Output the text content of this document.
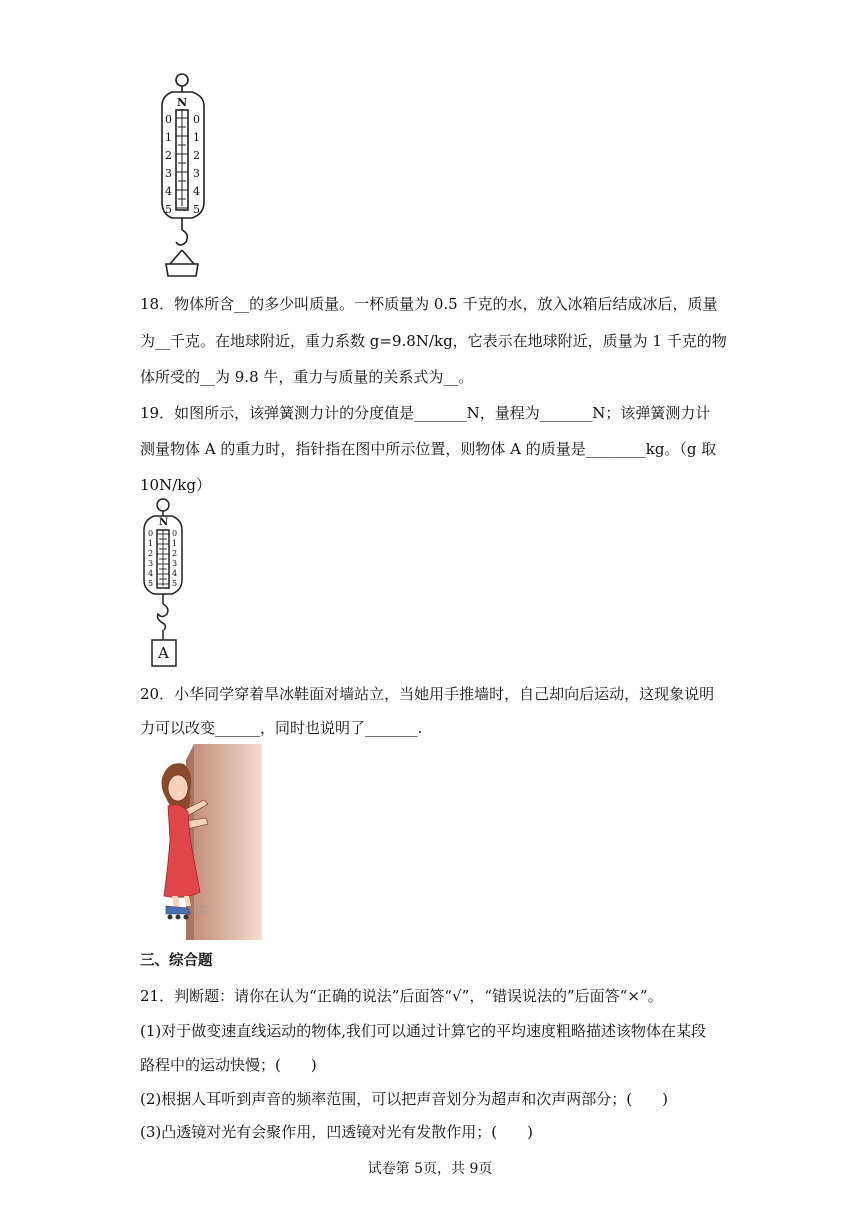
N
0
1
2
3
4
5
0
1
2
3
4
5
18．物体所含__的多少叫质量。一杯质量为 0.5 千克的水，放入冰箱后结成冰后，质量
为__千克。在地球附近，重力系数 g=9.8N/kg，它表示在地球附近，质量为 1 千克的物
体所受的__为 9.8 牛，重力与质量的关系式为__。
19．如图所示，该弹簧测力计的分度值是_______N，量程为_______N；该弹簧测力计
测量物体 A 的重力时，指针指在图中所示位置，则物体 A 的质量是________kg。（g 取
10N/kg）
N
0
1
2
3
4
5
0
1
2
3
4
5
A
20．小华同学穿着旱冰鞋面对墙站立，当她用手推墙时，自己却向后运动，这现象说明
力可以改变______，同时也说明了_______.
三、综合题
21．判断题：请你在认为“正确的说法”后面答“√”，“错误说法的”后面答“×”。
(1)对于做变速直线运动的物体,我们可以通过计算它的平均速度粗略描述该物体在某段
路程中的运动快慢；(　　)
(2)根据人耳听到声音的频率范围，可以把声音划分为超声和次声两部分；(　　)
(3)凸透镜对光有会聚作用，凹透镜对光有发散作用；(　　)
试卷第 5页，共 9页
